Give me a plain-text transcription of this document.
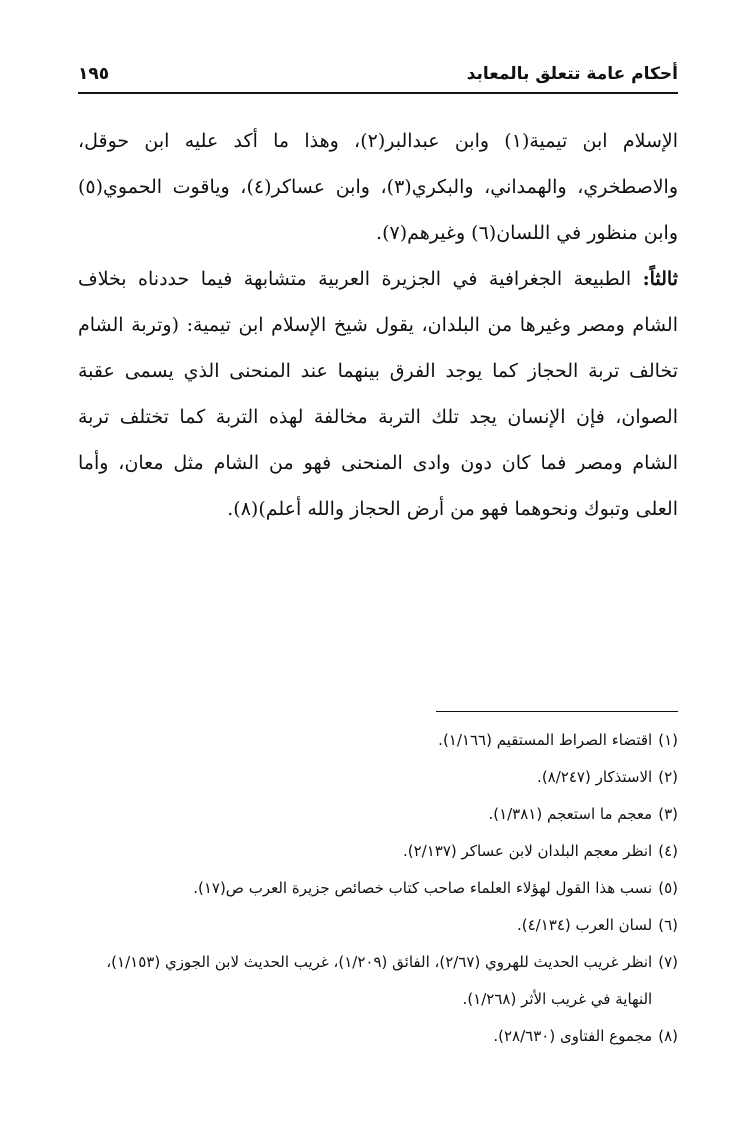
أحكام عامة تتعلق بالمعابد
١٩٥

الإسلام ابن تيمية(١) وابن عبدالبر(٢)، وهذا ما أكد عليه ابن حوقل، والاصطخري، والهمداني، والبكري(٣)، وابن عساكر(٤)، وياقوت الحموي(٥) وابن منظور في اللسان(٦) وغيرهم(٧).

ثالثاً: الطبيعة الجغرافية في الجزيرة العربية متشابهة فيما حددناه بخلاف الشام ومصر وغيرها من البلدان، يقول شيخ الإسلام ابن تيمية: (وتربة الشام تخالف تربة الحجاز كما يوجد الفرق بينهما عند المنحنى الذي يسمى عقبة الصوان، فإن الإنسان يجد تلك التربة مخالفة لهذه التربة كما تختلف تربة الشام ومصر فما كان دون وادى المنحنى فهو من الشام مثل معان، وأما العلى وتبوك ونحوهما فهو من أرض الحجاز والله أعلم)(٨).

(١)
اقتضاء الصراط المستقيم (١/١٦٦).
(٢)
الاستذكار (٨/٢٤٧).
(٣)
معجم ما استعجم (١/٣٨١).
(٤)
انظر معجم البلدان لابن عساكر (٢/١٣٧).
(٥)
نسب هذا القول لهؤلاء العلماء صاحب كتاب خصائص جزيرة العرب ص(١٧).
(٦)
لسان العرب (٤/١٣٤).
(٧)
انظر غريب الحديث للهروي (٢/٦٧)، الفائق (١/٢٠٩)، غريب الحديث لابن الجوزي (١/١٥٣)، النهاية في غريب الأثر (١/٢٦٨).
(٨)
مجموع الفتاوى (٢٨/٦٣٠).
